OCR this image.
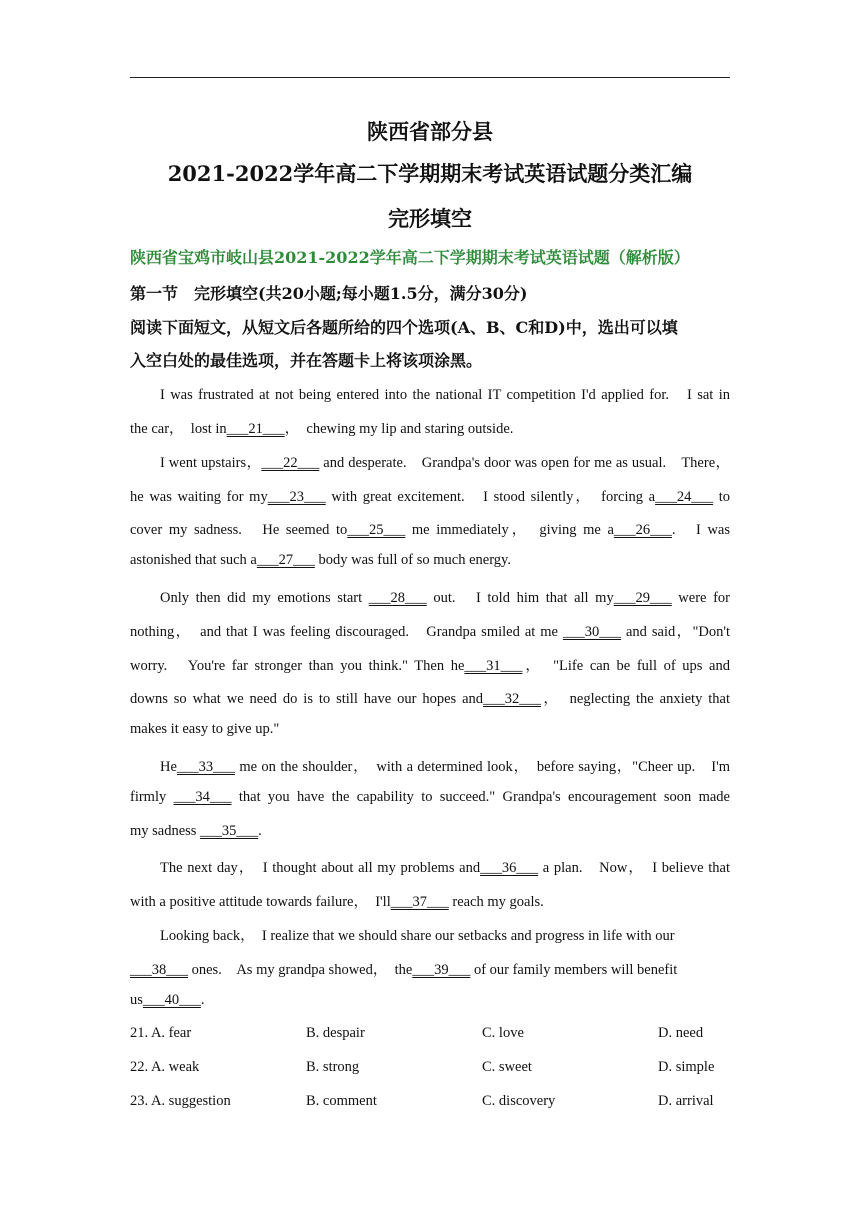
陕西省部分县
2021-2022学年高二下学期期末考试英语试题分类汇编
完形填空
陕西省宝鸡市岐山县2021-2022学年高二下学期期末考试英语试题（解析版）
第一节　完形填空(共20小题;每小题1.5分，满分30分)
阅读下面短文，从短文后各题所给的四个选项(A、B、C和D)中，选出可以填
入空白处的最佳选项，并在答题卡上将该项涂黑。
I was frustrated at not being entered into the national IT competition I'd applied for.　I sat in
the car，　lost in___21___，　chewing my lip and staring outside.
I went upstairs，___22___ and desperate.　Grandpa's door was open for me as usual.　There，
he was waiting for my___23___ with great excitement.　I stood silently，　forcing a___24___ to
cover my sadness.　He seemed to___25___ me immediately，　giving me a___26___.　I was
astonished that such a___27___ body was full of so much energy.
Only then did my emotions start ___28___ out.　I told him that all my___29___ were for
nothing，　and that I was feeling discouraged.　Grandpa smiled at me ___30___ and said，"Don't
worry.　You're far stronger than you think." Then he___31___，　"Life can be full of ups and
downs so what we need do is to still have our hopes and___32___，　neglecting the anxiety that
makes it easy to give up."
He___33___ me on the shoulder，　with a determined look，　before saying，"Cheer up.　I'm
firmly ___34___ that you have the capability to succeed." Grandpa's encouragement soon made
my sadness ___35___.
The next day，　I thought about all my problems and___36___ a plan.　Now，　I believe that
with a positive attitude towards failure，　I'll___37___ reach my goals.
Looking back，　I realize that we should share our setbacks and progress in life with our
___38___ ones.　As my grandpa showed，　the___39___ of our family members will benefit
us___40___.
21. A. fear	B. despair	C. love	D. need
22. A. weak	B. strong	C. sweet	D. simple
23. A. suggestion	B. comment	C. discovery	D. arrival
